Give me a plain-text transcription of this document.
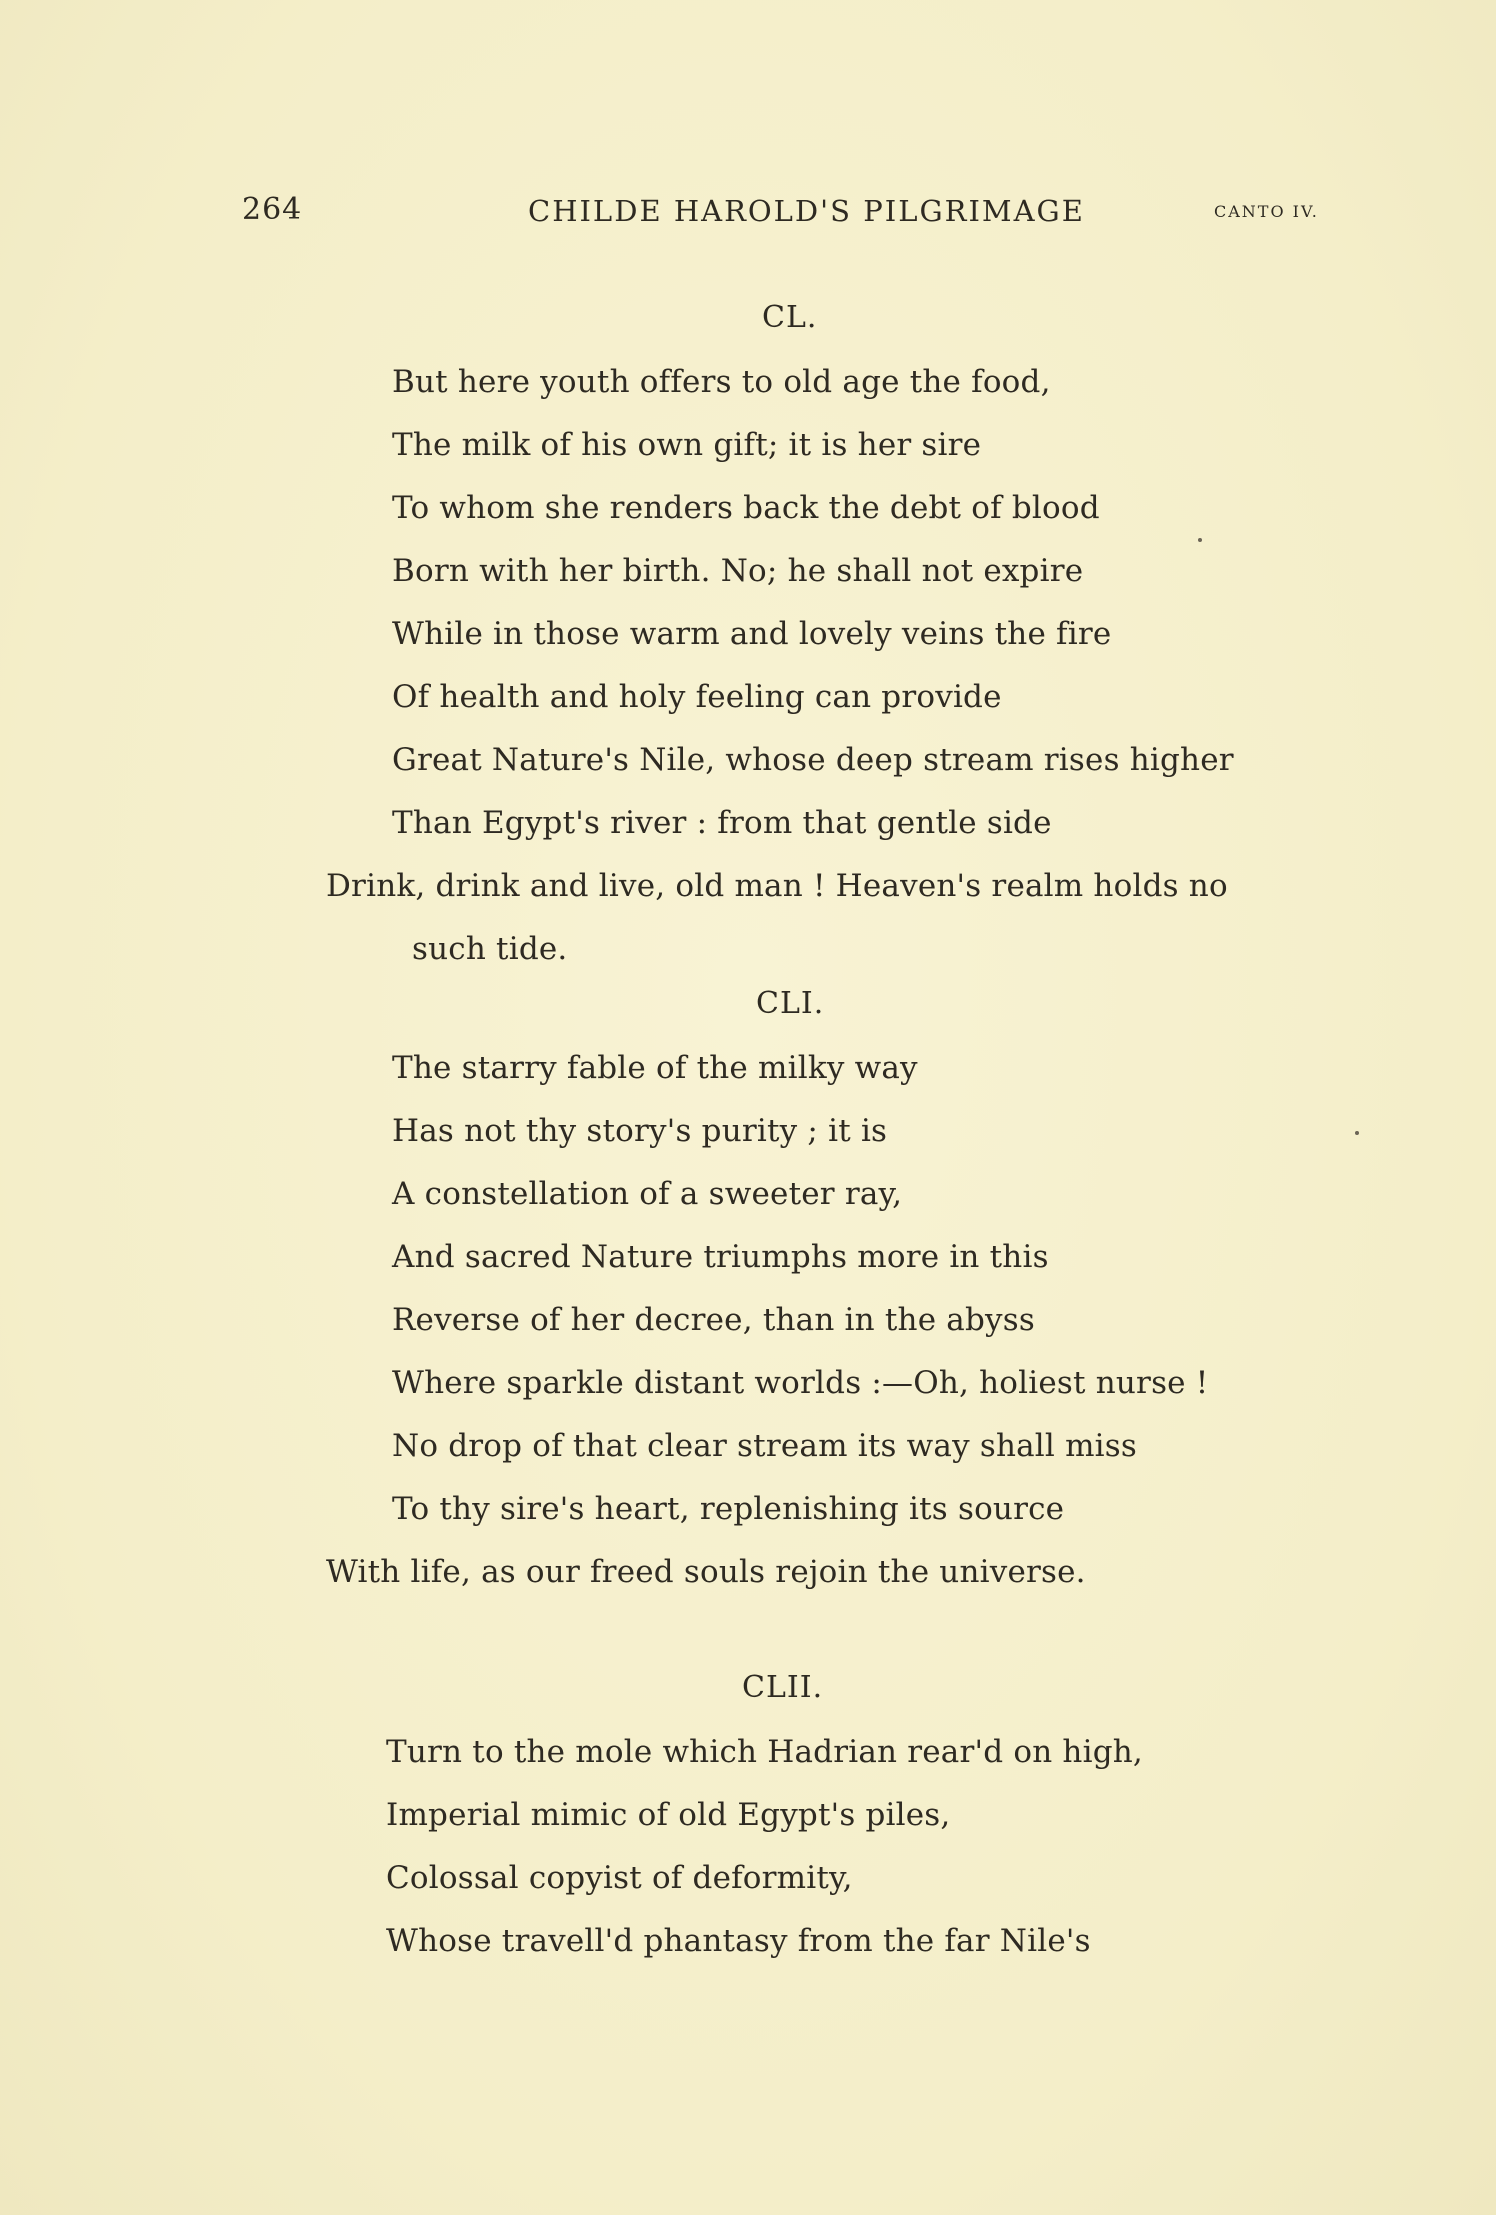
264	CHILDE HAROLD'S PILGRIMAGE	CANTO IV.
CL.
But here youth offers to old age the food,
The milk of his own gift; it is her sire
To whom she renders back the debt of blood
Born with her birth. No; he shall not expire
While in those warm and lovely veins the fire
Of health and holy feeling can provide
Great Nature's Nile, whose deep stream rises higher
Than Egypt's river : from that gentle side
Drink, drink and live, old man ! Heaven's realm holds no
such tide.
CLI.
The starry fable of the milky way
Has not thy story's purity ; it is
A constellation of a sweeter ray,
And sacred Nature triumphs more in this
Reverse of her decree, than in the abyss
Where sparkle distant worlds :—Oh, holiest nurse !
No drop of that clear stream its way shall miss
To thy sire's heart, replenishing its source
With life, as our freed souls rejoin the universe.
CLII.
Turn to the mole which Hadrian rear'd on high,
Imperial mimic of old Egypt's piles,
Colossal copyist of deformity,
Whose travell'd phantasy from the far Nile's
